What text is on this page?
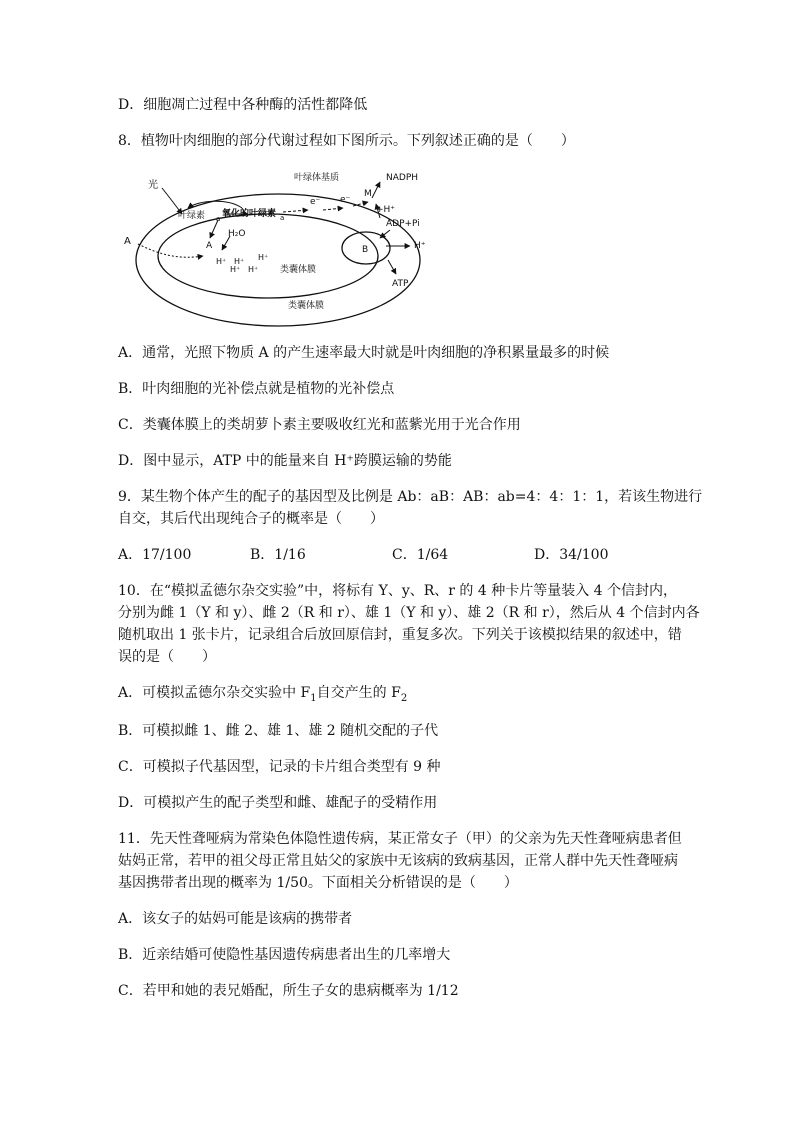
D．细胞凋亡过程中各种酶的活性都降低
8．植物叶肉细胞的部分代谢过程如下图所示。下列叙述正确的是（　　）
光
叶绿体基质
叶绿素 a 氧化的叶绿素 a
e⁻ e⁻
NADPH
M
+H⁺
ADP+Pi
A	A
H₂O
H⁺ H⁺ H⁺
H⁺ H⁺
H⁺
B
类囊体膜
ATP
类囊体膜
A．通常，光照下物质 A 的产生速率最大时就是叶肉细胞的净积累量最多的时候
B．叶肉细胞的光补偿点就是植物的光补偿点
C．类囊体膜上的类胡萝卜素主要吸收红光和蓝紫光用于光合作用
D．图中显示，ATP 中的能量来自 H⁺跨膜运输的势能
9．某生物个体产生的配子的基因型及比例是 Ab：aB：AB：ab=4：4：1：1，若该生物进行
自交，其后代出现纯合子的概率是（　　）
A．17/100	B．1/16	C．1/64	D．34/100
10．在“模拟孟德尔杂交实验”中，将标有 Y、y、R、r 的 4 种卡片等量装入 4 个信封内，
分别为雌 1（Y 和 y）、雌 2（R 和 r）、雄 1（Y 和 y）、雄 2（R 和 r），然后从 4 个信封内各
随机取出 1 张卡片，记录组合后放回原信封，重复多次。下列关于该模拟结果的叙述中，错
误的是（　　）
A．可模拟孟德尔杂交实验中 $F_1$自交产生的 $F_2$
B．可模拟雌 1、雌 2、雄 1、雄 2 随机交配的子代
C．可模拟子代基因型，记录的卡片组合类型有 9 种
D．可模拟产生的配子类型和雌、雄配子的受精作用
11．先天性聋哑病为常染色体隐性遗传病，某正常女子（甲）的父亲为先天性聋哑病患者但
姑妈正常，若甲的祖父母正常且姑父的家族中无该病的致病基因，正常人群中先天性聋哑病
基因携带者出现的概率为 1/50。下面相关分析错误的是（　　）
A．该女子的姑妈可能是该病的携带者
B．近亲结婚可使隐性基因遗传病患者出生的几率增大
C．若甲和她的表兄婚配，所生子女的患病概率为 1/12
